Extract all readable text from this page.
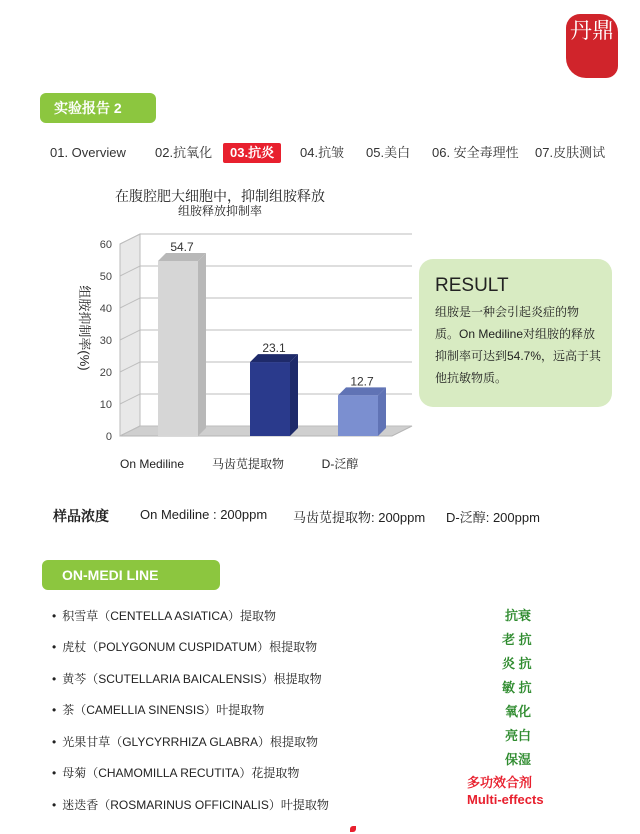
丹鼎
实验报告 2
01. Overview 02.抗氧化	03.抗炎	04.抗皱 05.美白 06. 安全毒理性 07.皮肤测试
在腹腔肥大细胞中，抑制组胺释放
组胺释放抑制率
0
10
20
30
40
50
60
组胺抑制率(%)
54.7
On Mediline
23.1
马齿苋提取物
12.7
D-泛醇
RESULT
组胺是一种会引起炎症的物质。On Mediline对组胺的释放抑制率可达到54.7%，远高于其他抗敏物质。
样品浓度 On Mediline : 200ppm 马齿苋提取物: 200ppm D-泛醇: 200ppm
ON-MEDI LINE
• 积雪草（CENTELLA ASIATICA）提取物
• 虎杖（POLYGONUM CUSPIDATUM）根提取物
• 黄芩（SCUTELLARIA BAICALENSIS）根提取物
• 茶（CAMELLIA SINENSIS）叶提取物
• 光果甘草（GLYCYRRHIZA GLABRA）根提取物
• 母菊（CHAMOMILLA RECUTITA）花提取物
• 迷迭香（ROSMARINUS OFFICINALIS）叶提取物
抗衰
老 抗
炎 抗
敏 抗
氧化
亮白
保湿
多功效合剂
Multi-effects
